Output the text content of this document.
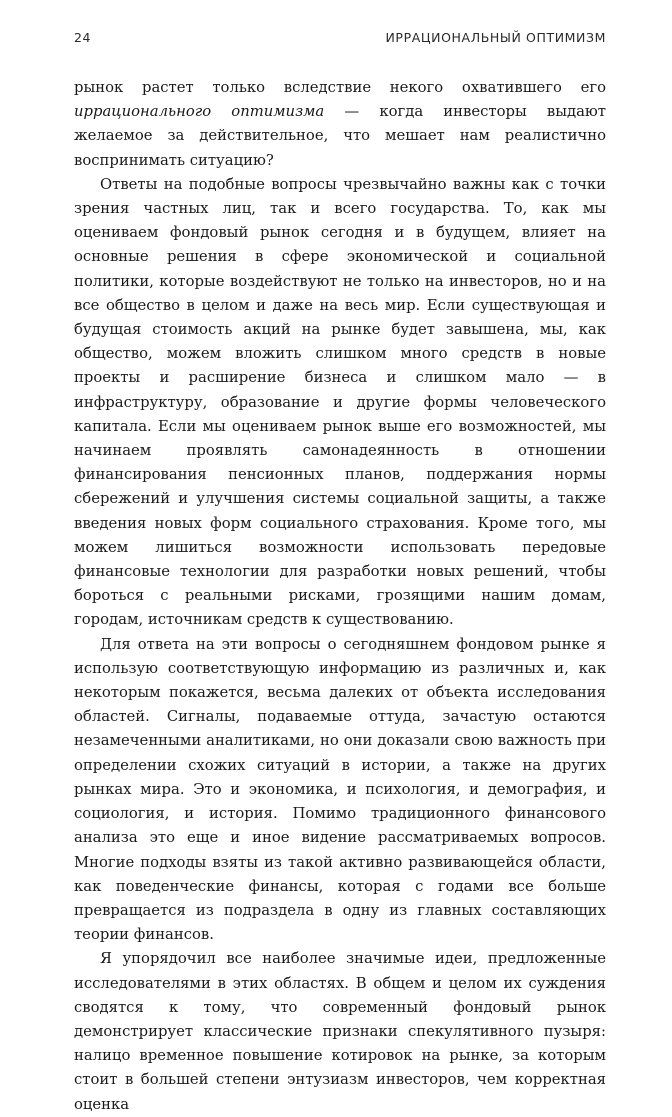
24	ИРРАЦИОНАЛЬНЫЙ ОПТИМИЗМ

рынок растет только вследствие некого охватившего его иррационального оптимизма — когда инвесторы выдают желаемое за действительное, что мешает нам реалистично воспринимать ситуацию?

Ответы на подобные вопросы чрезвычайно важны как с точки зрения частных лиц, так и всего государства. То, как мы оцениваем фондовый рынок сегодня и в будущем, влияет на основные решения в сфере экономической и социальной политики, которые воздействуют не только на инвесторов, но и на все общество в целом и даже на весь мир. Если существующая и будущая стоимость акций на рынке будет завышена, мы, как общество, можем вложить слишком много средств в новые проекты и расширение бизнеса и слишком мало — в инфраструктуру, образование и другие формы человеческого капитала. Если мы оцениваем рынок выше его возможностей, мы начинаем проявлять самонадеянность в отношении финансирования пенсионных планов, поддержания нормы сбережений и улучшения системы социальной защиты, а также введения новых форм социального страхования. Кроме того, мы можем лишиться возможности использовать передовые финансовые технологии для разработки новых решений, чтобы бороться с реальными рисками, грозящими нашим домам, городам, источникам средств к существованию.

Для ответа на эти вопросы о сегодняшнем фондовом рынке я использую соответствующую информацию из различных и, как некоторым покажется, весьма далеких от объекта исследования областей. Сигналы, подаваемые оттуда, зачастую остаются незамеченными аналитиками, но они доказали свою важность при определении схожих ситуаций в истории, а также на других рынках мира. Это и экономика, и психология, и демография, и социология, и история. Помимо традиционного финансового анализа это еще и иное видение рассматриваемых вопросов. Многие подходы взяты из такой активно развивающейся области, как поведенческие финансы, которая с годами все больше превращается из подраздела в одну из главных составляющих теории финансов.

Я упорядочил все наиболее значимые идеи, предложенные исследователями в этих областях. В общем и целом их суждения сводятся к тому, что современный фондовый рынок демонстрирует классические признаки спекулятивного пузыря: налицо временное повышение котировок на рынке, за которым стоит в большей степени энтузиазм инвесторов, чем корректная оценка
